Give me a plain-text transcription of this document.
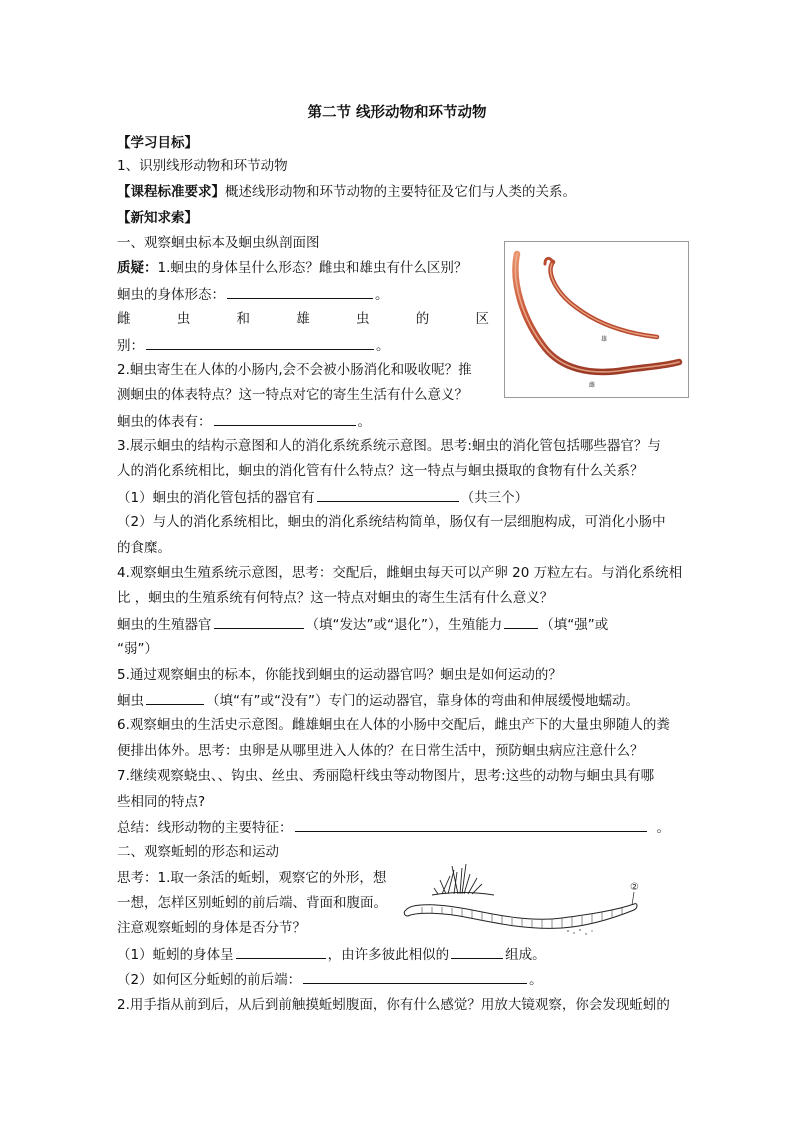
第二节 线形动物和环节动物
【学习目标】
1、识别线形动物和环节动物
【课程标准要求】概述线形动物和环节动物的主要特征及它们与人类的关系。
【新知求索】
一、观察蛔虫标本及蛔虫纵剖面图
质疑：1.蛔虫的身体呈什么形态？雌虫和雄虫有什么区别？
蛔虫的身体形态：	。
雌	虫	和	雄	虫	的	区
别：	。
2.蛔虫寄生在人体的小肠内,会不会被小肠消化和吸收呢？推
测蛔虫的体表特点？这一特点对它的寄生生活有什么意义？
蛔虫的体表有：	。
3.展示蛔虫的结构示意图和人的消化系统系统示意图。思考:蛔虫的消化管包括哪些器官？与
人的消化系统相比，蛔虫的消化管有什么特点？这一特点与蛔虫摄取的食物有什么关系？
（1）蛔虫的消化管包括的器官有	（共三个）
（2）与人的消化系统相比，蛔虫的消化系统结构简单，肠仅有一层细胞构成，可消化小肠中
的食糜。
4.观察蛔虫生殖系统示意图，思考：交配后，雌蛔虫每天可以产卵 20 万粒左右。与消化系统相
比 ，蛔虫的生殖系统有何特点？这一特点对蛔虫的寄生生活有什么意义？
蛔虫的生殖器官	（填“发达”或“退化”），生殖能力	（填“强”或
“弱”）
5.通过观察蛔虫的标本，你能找到蛔虫的运动器官吗？蛔虫是如何运动的？
蛔虫	（填“有”或“没有”）专门的运动器官，靠身体的弯曲和伸展缓慢地蠕动。
6.观察蛔虫的生活史示意图。雌雄蛔虫在人体的小肠中交配后，雌虫产下的大量虫卵随人的粪
便排出体外。思考：虫卵是从哪里进入人体的？在日常生活中，预防蛔虫病应注意什么？
7.继续观察蛲虫、、钩虫、丝虫、秀丽隐杆线虫等动物图片，思考:这些的动物与蛔虫具有哪
些相同的特点?
总结：线形动物的主要特征：	。
二、观察蚯蚓的形态和运动
思考：1.取一条活的蚯蚓，观察它的外形，想
一想，怎样区别蚯蚓的前后端、背面和腹面。
注意观察蚯蚓的身体是否分节？
（1）蚯蚓的身体呈	，由许多彼此相似的	组成。
（2）如何区分蚯蚓的前后端：	。
2.用手指从前到后，从后到前触摸蚯蚓腹面，你有什么感觉？用放大镜观察，你会发现蚯蚓的
雄
雌
②
